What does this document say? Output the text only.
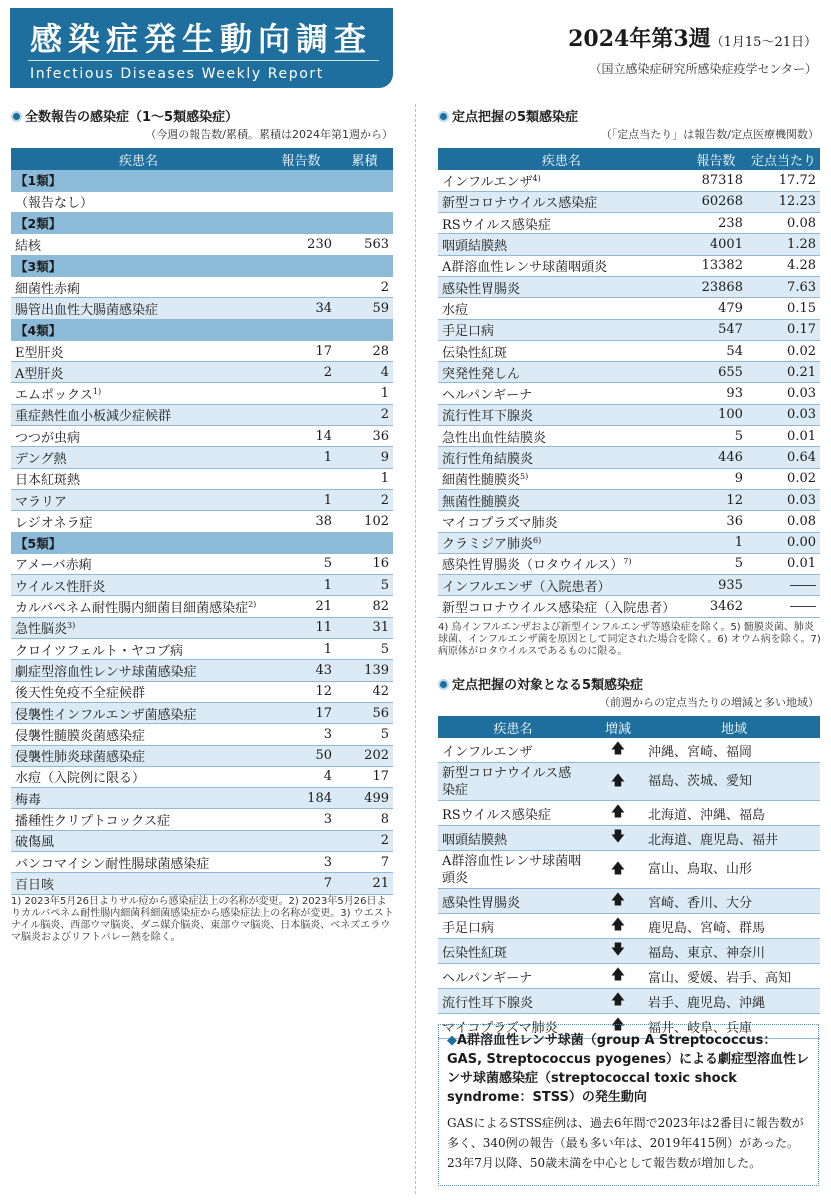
感染症発生動向調査
Infectious Diseases Weekly Report
2024年第3週（1月15～21日）
（国立感染症研究所感染症疫学センター）
全数報告の感染症（1～5類感染症）
（今週の報告数/累積。累積は2024年第1週から）
疾患名	報告数	累積
【1類】		
（報告なし）		
【2類】		
結核	230	563
【3類】		
細菌性赤痢		2
腸管出血性大腸菌感染症	34	59
【4類】		
E型肝炎	17	28
A型肝炎	2	4
エムポックス$^{1)}$		1
重症熱性血小板減少症候群		2
つつが虫病	14	36
デング熱	1	9
日本紅斑熱		1
マラリア	1	2
レジオネラ症	38	102
【5類】		
アメーバ赤痢	5	16
ウイルス性肝炎	1	5
カルバペネム耐性腸内細菌目細菌感染症$^{2)}$	21	82
急性脳炎$^{3)}$	11	31
クロイツフェルト・ヤコブ病	1	5
劇症型溶血性レンサ球菌感染症	43	139
後天性免疫不全症候群	12	42
侵襲性インフルエンザ菌感染症	17	56
侵襲性髄膜炎菌感染症	3	5
侵襲性肺炎球菌感染症	50	202
水痘（入院例に限る）	4	17
梅毒	184	499
播種性クリプトコックス症	3	8
破傷風		2
バンコマイシン耐性腸球菌感染症	3	7
百日咳	7	21
1) 2023年5月26日よりサル痘から感染症法上の名称が変更。2) 2023年5月26日よりカルバペネム耐性腸内細菌科細菌感染症から感染症法上の名称が変更。3) ウエストナイル脳炎、西部ウマ脳炎、ダニ媒介脳炎、東部ウマ脳炎、日本脳炎、ベネズエラウマ脳炎およびリフトバレー熱を除く。
定点把握の5類感染症
（「定点当たり」は報告数/定点医療機関数）
疾患名	報告数	定点当たり
インフルエンザ$^{4)}$	87318	17.72
新型コロナウイルス感染症	60268	12.23
RSウイルス感染症	238	0.08
咽頭結膜熱	4001	1.28
A群溶血性レンサ球菌咽頭炎	13382	4.28
感染性胃腸炎	23868	7.63
水痘	479	0.15
手足口病	547	0.17
伝染性紅斑	54	0.02
突発性発しん	655	0.21
ヘルパンギーナ	93	0.03
流行性耳下腺炎	100	0.03
急性出血性結膜炎	5	0.01
流行性角結膜炎	446	0.64
細菌性髄膜炎$^{5)}$	9	0.02
無菌性髄膜炎	12	0.03
マイコプラズマ肺炎	36	0.08
クラミジア肺炎$^{6)}$	1	0.00
感染性胃腸炎（ロタウイルス）$^{7)}$	5	0.01
インフルエンザ（入院患者）	935	――
新型コロナウイルス感染症（入院患者）	3462	――
4) 鳥インフルエンザおよび新型インフルエンザ等感染症を除く。5) 髄膜炎菌、肺炎球菌、インフルエンザ菌を原因として同定された場合を除く。6) オウム病を除く。7) 病原体がロタウイルスであるものに限る。
定点把握の対象となる5類感染症
（前週からの定点当たりの増減と多い地域）
疾患名	増減	地域
インフルエンザ	🡅	沖縄、宮崎、福岡
新型コロナウイルス感染症	🡅	福島、茨城、愛知
RSウイルス感染症	🡅	北海道、沖縄、福島
咽頭結膜熱	🡇	北海道、鹿児島、福井
A群溶血性レンサ球菌咽頭炎	🡅	富山、鳥取、山形
感染性胃腸炎	🡅	宮崎、香川、大分
手足口病	🡅	鹿児島、宮崎、群馬
伝染性紅斑	🡇	福島、東京、神奈川
ヘルパンギーナ	🡅	富山、愛媛、岩手、高知
流行性耳下腺炎	🡅	岩手、鹿児島、沖縄
マイコプラズマ肺炎	🡅	福井、岐阜、兵庫
◆A群溶血性レンサ球菌（group A Streptococcus：GAS, Streptococcus pyogenes）による劇症型溶血性レンサ球菌感染症（streptococcal toxic shock syndrome：STSS）の発生動向
GASによるSTSS症例は、過去6年間で2023年は2番目に報告数が多く、340例の報告（最も多い年は、2019年415例）があった。23年7月以降、50歳未満を中心として報告数が増加した。
